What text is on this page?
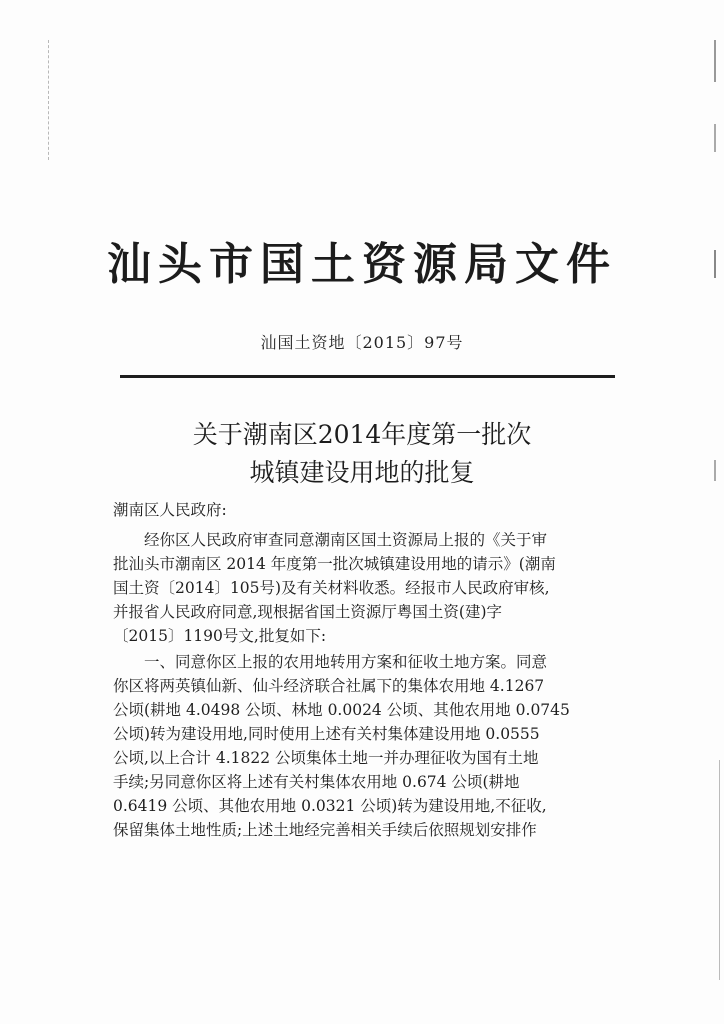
汕头市国土资源局文件
汕国土资地〔2015〕97号
关于潮南区2014年度第一批次
城镇建设用地的批复

潮南区人民政府:

经你区人民政府审查同意潮南区国土资源局上报的《关于审
批汕头市潮南区 2014 年度第一批次城镇建设用地的请示》(潮南
国土资〔2014〕105号)及有关材料收悉。经报市人民政府审核,
并报省人民政府同意,现根据省国土资源厅粤国土资(建)字
〔2015〕1190号文,批复如下:

一、同意你区上报的农用地转用方案和征收土地方案。同意
你区将两英镇仙新、仙斗经济联合社属下的集体农用地 4.1267
公顷(耕地 4.0498 公顷、林地 0.0024 公顷、其他农用地 0.0745
公顷)转为建设用地,同时使用上述有关村集体建设用地 0.0555
公顷,以上合计 4.1822 公顷集体土地一并办理征收为国有土地
手续;另同意你区将上述有关村集体农用地 0.674 公顷(耕地
0.6419 公顷、其他农用地 0.0321 公顷)转为建设用地,不征收,
保留集体土地性质;上述土地经完善相关手续后依照规划安排作
